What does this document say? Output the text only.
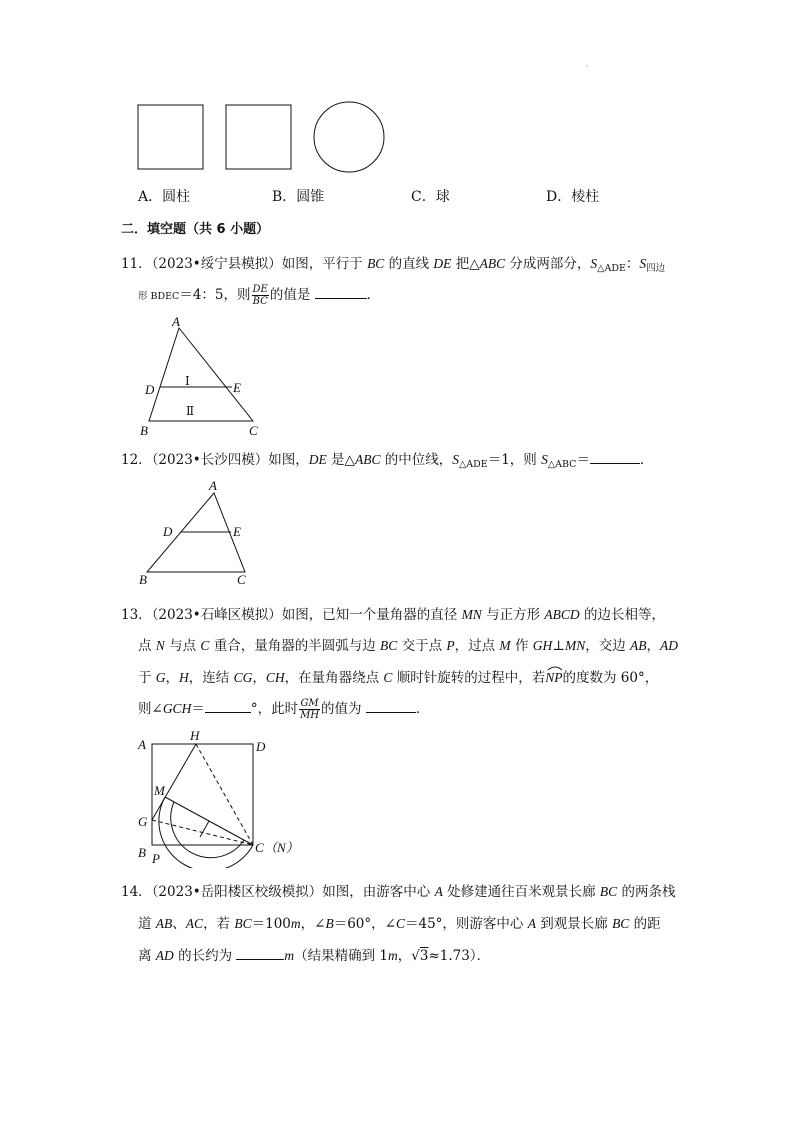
·
A．圆柱	B．圆锥	C．球	D．棱柱
二．填空题（共 6 小题）
11．（2023•绥宁县模拟）如图，平行于 BC 的直线 DE 把△ABC 分成两部分，$S_{\triangle ADE}$：$S_{四边}$
形 BDEC＝4：5，则 $\frac{DE}{BC}$ 的值是	．
A
D	E
B	C
Ⅰ
Ⅱ
12．（2023•长沙四模）如图，DE 是△ABC 的中位线，$S_{\triangle ADE}=1$，则 $S_{\triangle ABC}=$	．
A
D	E
B	C
13．（2023•石峰区模拟）如图，已知一个量角器的直径 MN 与正方形 ABCD 的边长相等，
点 N 与点 C 重合，量角器的半圆弧与边 BC 交于点 P，过点 M 作 GH⊥MN，交边 AB，AD
于 G，H，连结 CG，CH，在量角器绕点 C 顺时针旋转的过程中，若NP
的度数为 60°，
则∠GCH＝	°，此时 $\frac{GM}{MH}$ 的值为	．
A
H
D
M
G
B P
C （N）
14．（2023•岳阳楼区校级模拟）如图，由游客中心 A 处修建通往百米观景长廊 BC 的两条栈
道 AB、AC，若 BC＝100m，∠B＝60°，∠C＝45°，则游客中心 A 到观景长廊 BC 的距
离 AD 的长约为	m（结果精确到 1m，√3≈1.73）．
